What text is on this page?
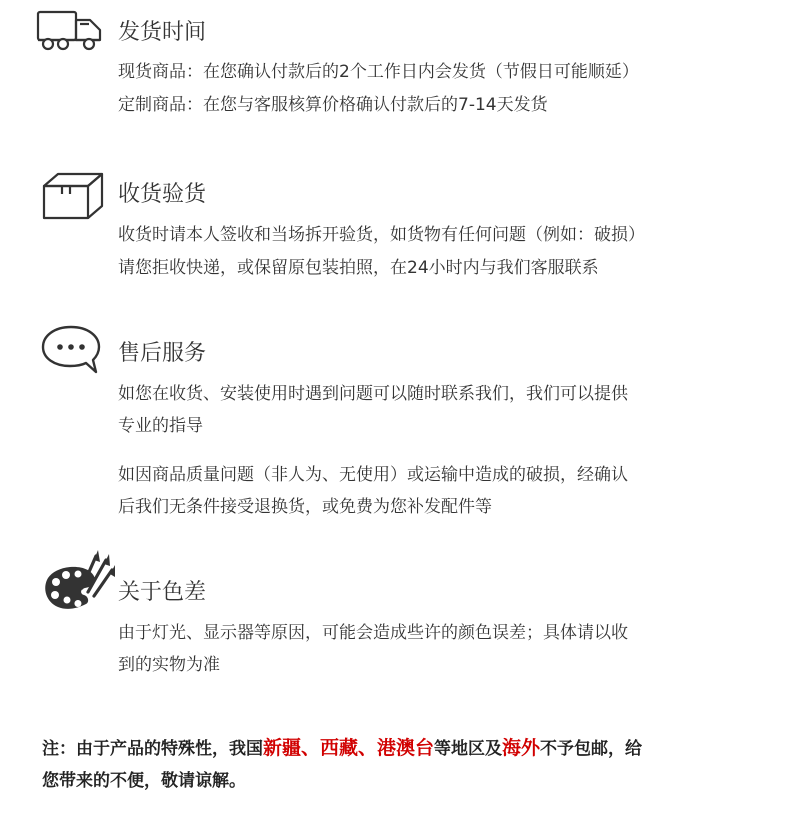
发货时间
现货商品：在您确认付款后的2个工作日内会发货（节假日可能顺延）
定制商品：在您与客服核算价格确认付款后的7-14天发货
收货验货
收货时请本人签收和当场拆开验货，如货物有任何问题（例如：破损）
请您拒收快递，或保留原包装拍照，在24小时内与我们客服联系
售后服务
如您在收货、安装使用时遇到问题可以随时联系我们，我们可以提供
专业的指导
如因商品质量问题（非人为、无使用）或运输中造成的破损，经确认
后我们无条件接受退换货，或免费为您补发配件等
关于色差
由于灯光、显示器等原因，可能会造成些许的颜色误差；具体请以收
到的实物为准
注：由于产品的特殊性，我国新疆、西藏、港澳台等地区及海外不予包邮，给
您带来的不便，敬请谅解。
